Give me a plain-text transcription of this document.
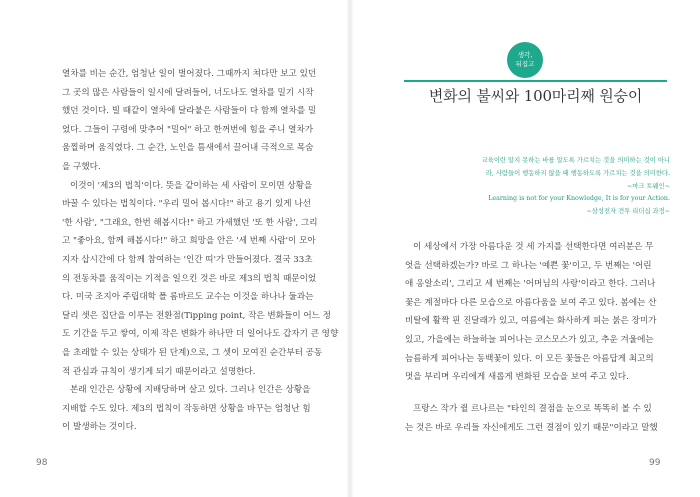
열차를 비는 순간, 엄청난 일이 벌어졌다. 그때까지 쳐다만 보고 있던
그 곳의 많은 사람들이 일시에 달려들어, 너도나도 열차를 밀기 시작
했던 것이다. 빌 때같이 열차에 달라붙은 사람들이 다 함께 열차를 밀
었다. 그들이 구령에 맞추어 "밀어" 하고 한꺼번에 힘을 주니 열차가
움찔하며 움직였다. 그 순간, 노인을 틈새에서 끌어내 극적으로 목숨
을 구했다.
이것이 '제3의 법칙'이다. 뜻을 같이하는 세 사람이 모이면 상황을
바꿀 수 있다는 법칙이다. "우리 밀어 봅시다!" 하고 용기 있게 나선
'한 사람', "그래요, 한번 해봅시다!" 하고 가세했던 '또 한 사람', 그리
고 "좋아요, 함께 해봅시다!" 하고 희망을 안은 '세 번째 사람'이 모아
지자 삽시간에 다 함께 참여하는 '인간 띠'가 만들어졌다. 결국 33초
의 전동차를 움직이는 기적을 일으킨 것은 바로 제3의 법칙 때문이었
다. 미국 조지아 주립대학 폴 롬바르도 교수는 이것을 하나나 둘과는
달리 셋은 집단을 이루는 전환점(Tipping point, 작은 변화들이 어느 정
도 기간을 두고 쌓여, 이제 작은 변화가 하나만 더 일어나도 갑자기 큰 영향
을 초래할 수 있는 상태가 된 단계)으로, 그 셋이 모여진 순간부터 공동
적 관심과 규칙이 생기게 되기 때문이라고 설명한다.
본래 인간은 상황에 지배당하며 살고 있다. 그러나 인간은 상황을
지배할 수도 있다. 제3의 법칙이 작동하면 상황을 바꾸는 엄청난 힘
이 발생하는 것이다.
98
생각,
뒤집고
변화의 불씨와 100마리째 원숭이
교육이란 알지 못하는 바를 알도록 가르치는 것을 의미하는 것이 아니
라, 사람들이 행동하지 않을 때 행동하도록 가르치는 것을 의미한다.
~마크 트웨인~
Learning is not for your Knowledge, It is for your Action.
~삼성전자 견투 리더십 과정~
이 세상에서 가장 아름다운 것 세 가지를 선택한다면 여러분은 무
엇을 선택하겠는가? 바로 그 하나는 '예쁜 꽃'이고, 두 번째는 '어린
애 옹알소리', 그리고 세 번째는 '어머님의 사랑'이라고 한다. 그러나
꽃은 계절마다 다른 모습으로 아름다움을 보여 주고 있다. 봄에는 산
비탈에 활짝 핀 진달래가 있고, 여름에는 화사하게 피는 붉은 장미가
있고, 가을에는 하늘하늘 피어나는 코스모스가 있고, 추운 겨울에는
늠름하게 피어나는 동백꽃이 있다. 이 모든 꽃들은 아름답게 최고의
멋을 부리며 우리에게 새롭게 변화된 모습을 보여 주고 있다.
프랑스 작가 쥘 르나르는 "타인의 결점을 눈으로 똑똑히 볼 수 있
는 것은 바로 우리들 자신에게도 그런 결점이 있기 때문"이라고 말했
99
